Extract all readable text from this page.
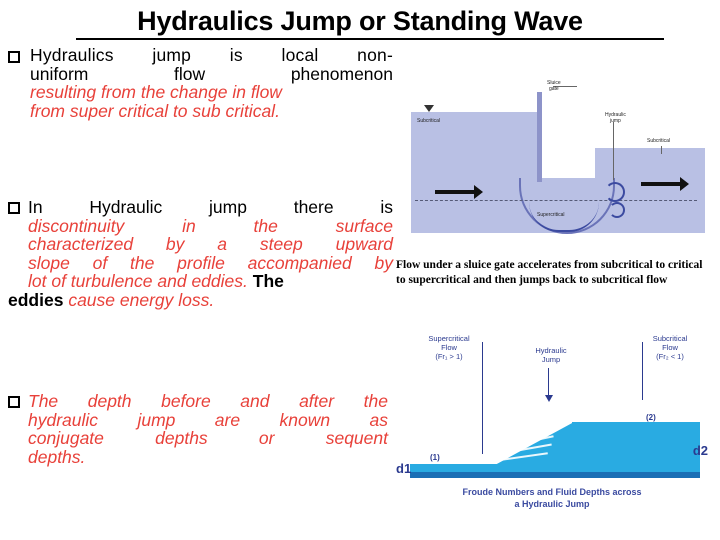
Hydraulics Jump or Standing Wave

Hydraulics jump is local non-
uniform flow phenomenon
resulting from the change in flow
from super critical to sub critical.

In Hydraulic jump there is
discontinuity in the surface
characterized by a steep upward
slope of the profile accompanied by
lot of turbulence and eddies. The

eddies cause energy loss.

The depth before and after the
hydraulic jump are known as
conjugate depths or sequent
depths.

Subcritical
Sluice
gate
Hydraulic
jump
Subcritical
Supercritical
Flow under a sluice gate accelerates from subcritical to critical
to supercritical and then jumps back to subcritical flow
Supercritical
Flow
(Fr₁ > 1)
Subcritical
Flow
(Fr₂ < 1)
Hydraulic
Jump
d1
d2
(1)
(2)
Froude Numbers and Fluid Depths across
a Hydraulic Jump
